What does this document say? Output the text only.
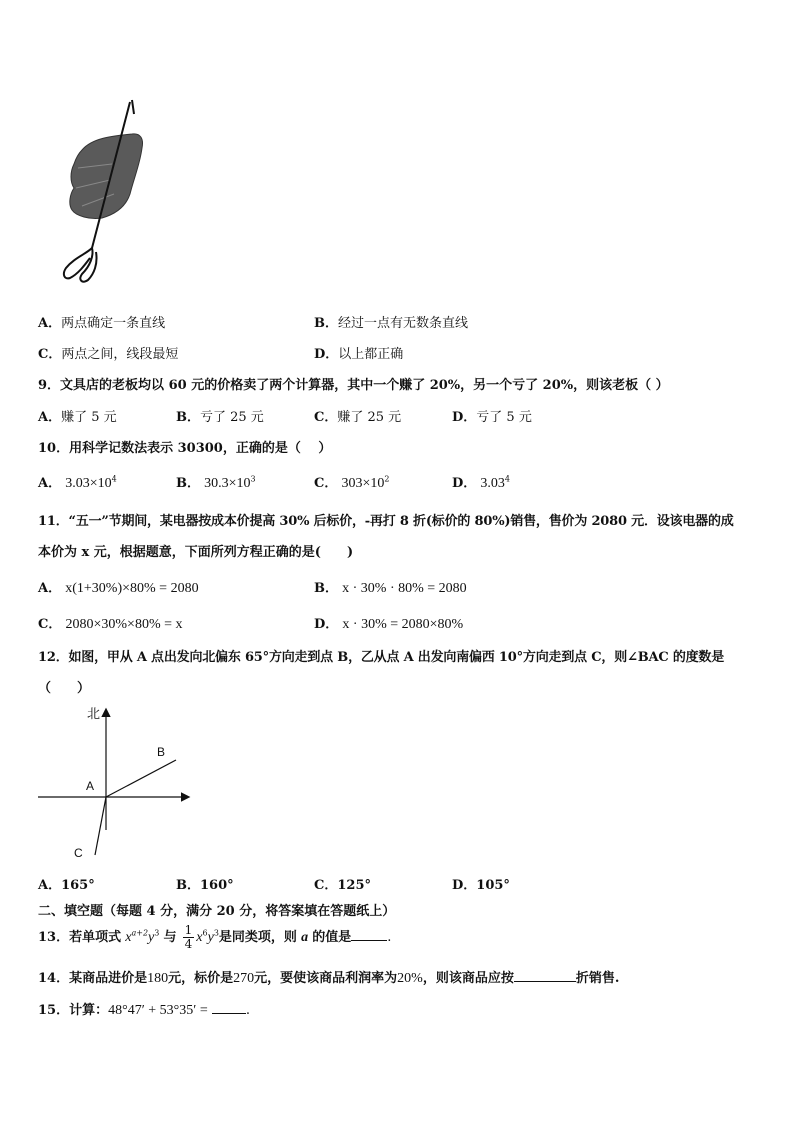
A．两点确定一条直线	B．经过一点有无数条直线
C．两点之间，线段最短	D．以上都正确
9．文具店的老板均以 60 元的价格卖了两个计算器，其中一个赚了 20%，另一个亏了 20%，则该老板（ ）
A．赚了 5 元	B．亏了 25 元	C．赚了 25 元	D．亏了 5 元
10．用科学记数法表示 30300，正确的是（　 ）
A． $3.03\times 10^4$	B． $30.3\times 10^3$	C． $303\times 10^2$	D． 3.03$^4$
11．“五一”节期间，某电器按成本价提高 30% 后标价，-再打 8 折(标价的 80%)销售，售价为 2080 元．设该电器的成
本价为 x 元，根据题意，下面所列方程正确的是(　　)
A． x(1+30%)×80% = 2080	B． x · 30% · 80% = 2080
C． 2080×30%×80% = x	D． x · 30% = 2080×80%
12．如图，甲从 A 点出发向北偏东 65°方向走到点 B，乙从点 A 出发向南偏西 10°方向走到点 C，则∠BAC 的度数是
（　　）
北
A
B
C
A．165°	B．160°	C．125°	D．105°
二、填空题（每题 4 分，满分 20 分，将答案填在答题纸上）
13．若单项式 $x^{a+2}y^3$ 与 $\frac{1}{4} x^6y^3$是同类项，则 a 的值是	.
14．某商品进价是180元，标价是270元，要使该商品利润率为20%，则该商品应按	折销售.
15．计算：48°47′ + 53°35′ =	.
